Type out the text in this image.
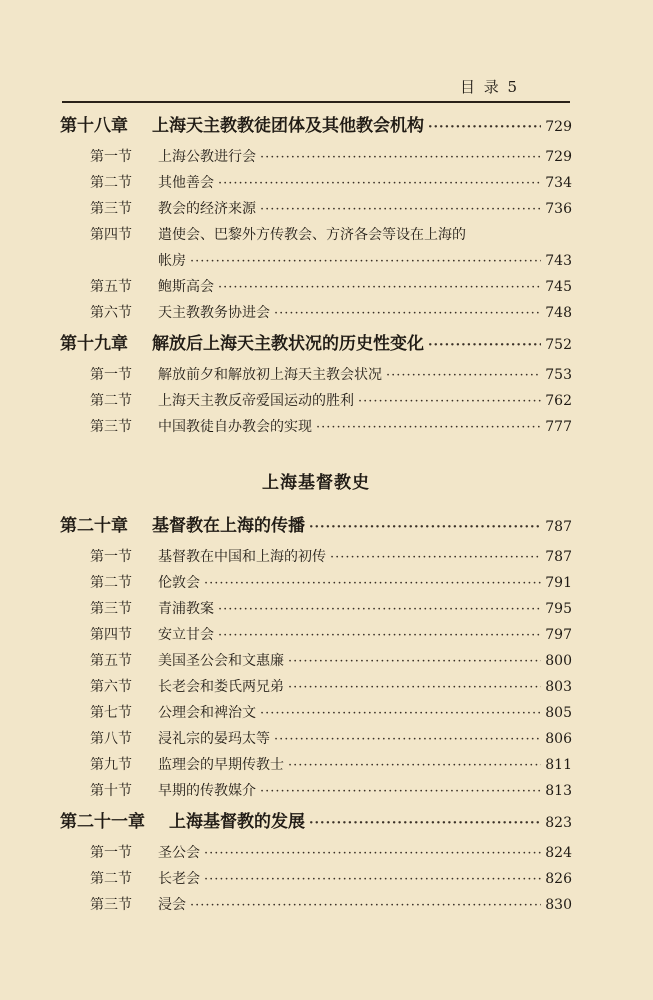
目 录 5
第十八章 上海天主教教徒团体及其他教会机构 ·····	729
第一节	上海公教进行会 ·····	729
第二节	其他善会 ·····	734
第三节	教会的经济来源 ·····	736
第四节	遣使会、巴黎外方传教会、方济各会等设在上海的
帐房 ·····	743
第五节	鲍斯高会 ·····	745
第六节	天主教教务协进会 ·····	748
第十九章 解放后上海天主教状况的历史性变化 ·····	752
第一节	解放前夕和解放初上海天主教会状况 ·····	753
第二节	上海天主教反帝爱国运动的胜利 ·····	762
第三节	中国教徒自办教会的实现 ·····	777
上海基督教史
第二十章 基督教在上海的传播 ·····	787
第一节	基督教在中国和上海的初传 ·····	787
第二节	伦敦会 ·····	791
第三节	青浦教案 ·····	795
第四节	安立甘会 ·····	797
第五节	美国圣公会和文惠廉 ·····	800
第六节	长老会和娄氏两兄弟 ·····	803
第七节	公理会和裨治文 ·····	805
第八节	浸礼宗的晏玛太等 ·····	806
第九节	监理会的早期传教士 ·····	811
第十节	早期的传教媒介 ·····	813
第二十一章 上海基督教的发展 ·····	823
第一节	圣公会 ·····	824
第二节	长老会 ·····	826
第三节	浸会 ·····	830
